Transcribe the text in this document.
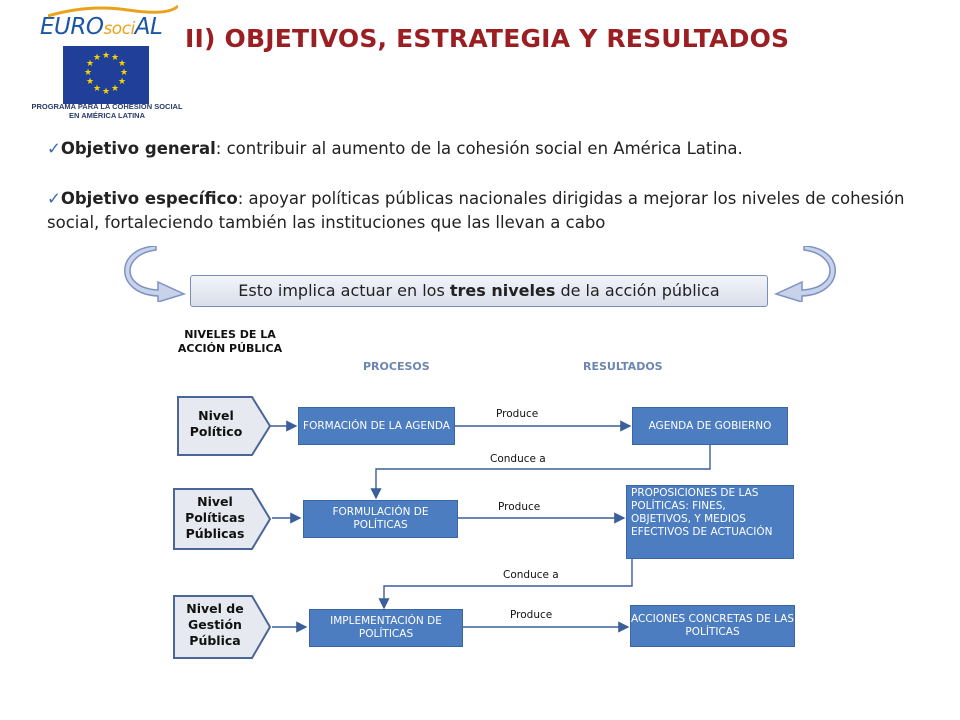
EUROsociAL
★ ★
★
★
★
★
★
★
★
★
★
★
PROGRAMA PARA LA COHESIÓN SOCIAL
EN AMÉRICA LATINA
II) OBJETIVOS, ESTRATEGIA Y RESULTADOS
✓Objetivo general: contribuir al aumento de la cohesión social en América Latina.
✓Objetivo específico: apoyar políticas públicas nacionales dirigidas a mejorar los niveles de cohesión social, fortaleciendo también las instituciones que las llevan a cabo
Esto implica actuar en los tres niveles de la acción pública
NIVELES DE LA ACCIÓN PÚBLICA
PROCESOS	RESULTADOS
Nivel
Político
Nivel
Políticas
Públicas
Nivel de
Gestión
Pública
FORMACIÓN DE LA AGENDA
FORMULACIÓN DE POLÍTICAS
IMPLEMENTACIÓN DE POLÍTICAS
AGENDA DE GOBIERNO
PROPOSICIONES DE LAS POLÍTICAS: FINES, OBJETIVOS, Y MEDIOS EFECTIVOS DE ACTUACIÓN
ACCIONES CONCRETAS DE LAS POLÍTICAS
Produce
Produce
Produce
Conduce a
Conduce a
